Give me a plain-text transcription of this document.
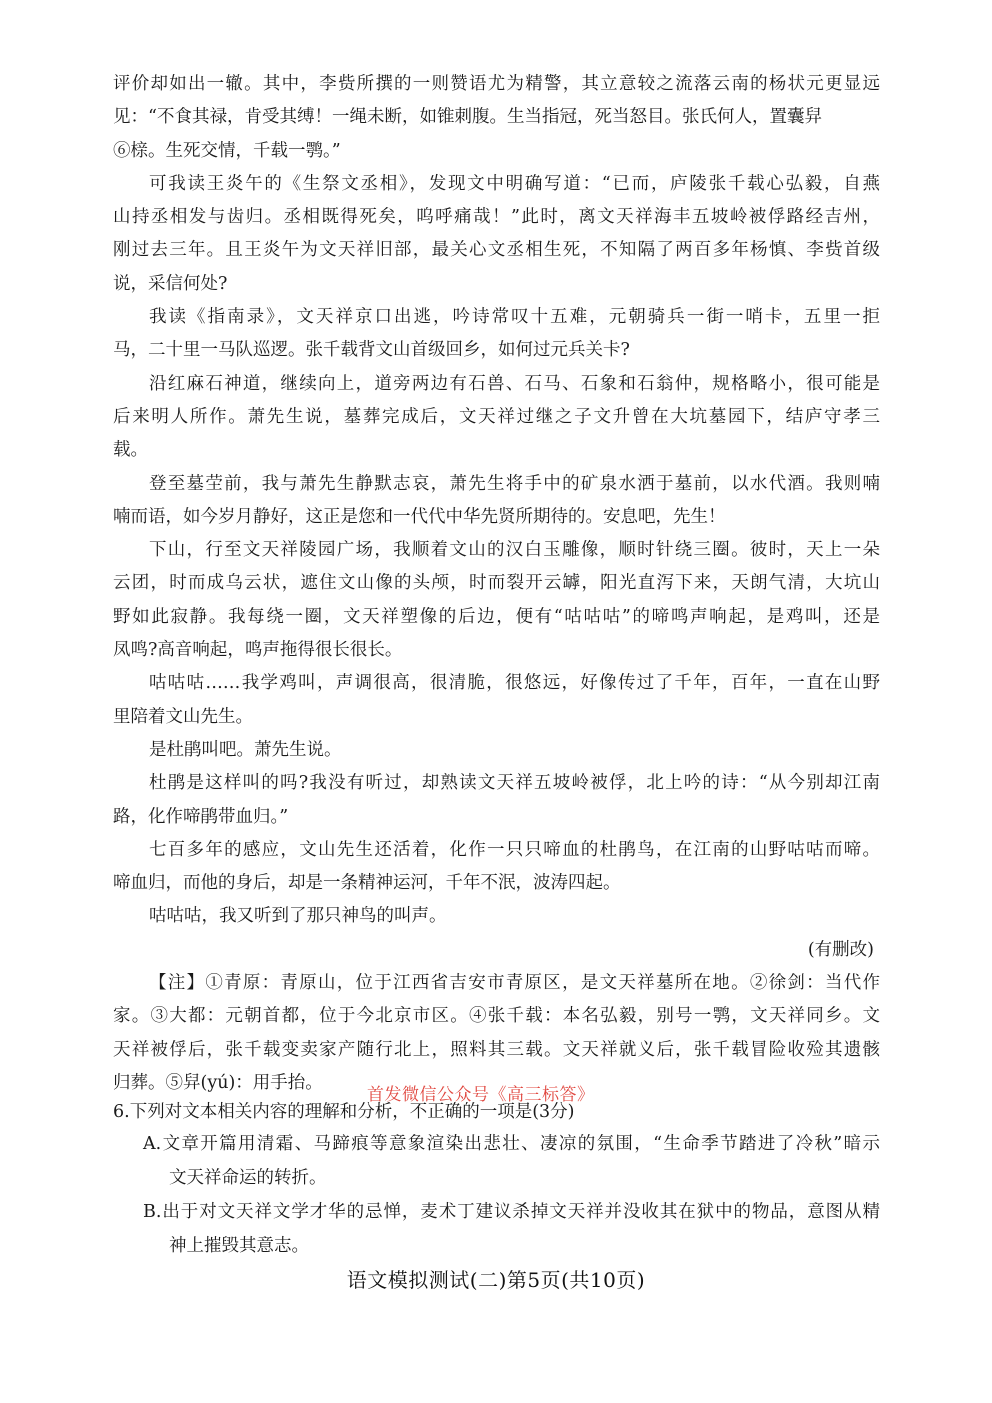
评价却如出一辙。其中，李赀所撰的一则赞语尤为精警，其立意较之流落云南的杨状元更显远
见：“不食其禄，肯受其缚！一绳未断，如锥刺腹。生当指冠，死当怒目。张氏何人，置囊舁
⑥榇。生死交情，千载一鹗。”
可我读王炎午的《生祭文丞相》，发现文中明确写道：“已而，庐陵张千载心弘毅，自燕
山持丞相发与齿归。丞相既得死矣，呜呼痛哉！”此时，离文天祥海丰五坡岭被俘路经吉州，
刚过去三年。且王炎午为文天祥旧部，最关心文丞相生死，不知隔了两百多年杨慎、李赀首级
说，采信何处?
我读《指南录》，文天祥京口出逃，吟诗常叹十五难，元朝骑兵一街一哨卡，五里一拒
马，二十里一马队巡逻。张千载背文山首级回乡，如何过元兵关卡?
沿红麻石神道，继续向上，道旁两边有石兽、石马、石象和石翁仲，规格略小，很可能是
后来明人所作。萧先生说，墓葬完成后，文天祥过继之子文升曾在大坑墓园下，结庐守孝三
载。
登至墓茔前，我与萧先生静默志哀，萧先生将手中的矿泉水洒于墓前，以水代酒。我则喃
喃而语，如今岁月静好，这正是您和一代代中华先贤所期待的。安息吧，先生！
下山，行至文天祥陵园广场，我顺着文山的汉白玉雕像，顺时针绕三圈。彼时，天上一朵
云团，时而成乌云状，遮住文山像的头颅，时而裂开云罅，阳光直泻下来，天朗气清，大坑山
野如此寂静。我每绕一圈，文天祥塑像的后边，便有“咕咕咕”的啼鸣声响起，是鸡叫，还是
凤鸣?高音响起，鸣声拖得很长很长。
咕咕咕……我学鸡叫，声调很高，很清脆，很悠远，好像传过了千年，百年，一直在山野
里陪着文山先生。
是杜鹃叫吧。萧先生说。
杜鹃是这样叫的吗?我没有听过，却熟读文天祥五坡岭被俘，北上吟的诗：“从今别却江南
路，化作啼鹃带血归。”
七百多年的感应，文山先生还活着，化作一只只啼血的杜鹃鸟，在江南的山野咕咕而啼。
啼血归，而他的身后，却是一条精神运河，千年不泯，波涛四起。
咕咕咕，我又听到了那只神鸟的叫声。
(有删改)
【注】①青原：青原山，位于江西省吉安市青原区，是文天祥墓所在地。②徐剑：当代作
家。③大都：元朝首都，位于今北京市区。④张千载：本名弘毅，别号一鹗，文天祥同乡。文
天祥被俘后，张千载变卖家产随行北上，照料其三载。文天祥就义后，张千载冒险收殓其遗骸
归葬。⑤舁(yú)：用手抬。
首发微信公众号《高三标答》
6.下列对文本相关内容的理解和分析，不正确的一项是(3分)
A.文章开篇用清霜、马蹄痕等意象渲染出悲壮、凄凉的氛围，“生命季节踏进了冷秋”暗示
文天祥命运的转折。
B.出于对文天祥文学才华的忌惮，麦术丁建议杀掉文天祥并没收其在狱中的物品，意图从精
神上摧毁其意志。
语文模拟测试(二)第5页(共10页)
